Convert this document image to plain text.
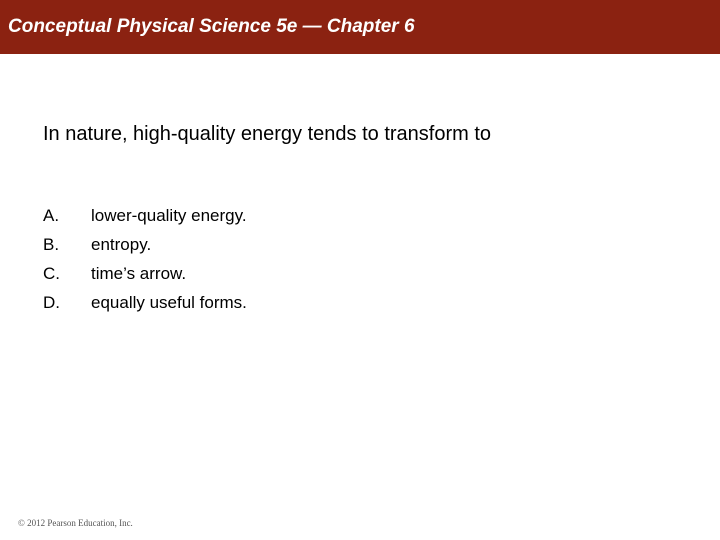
Conceptual Physical Science 5e — Chapter 6
In nature, high-quality energy tends to transform to
A. lower-quality energy.
B. entropy.
C. time’s arrow.
D. equally useful forms.
© 2012 Pearson Education, Inc.
